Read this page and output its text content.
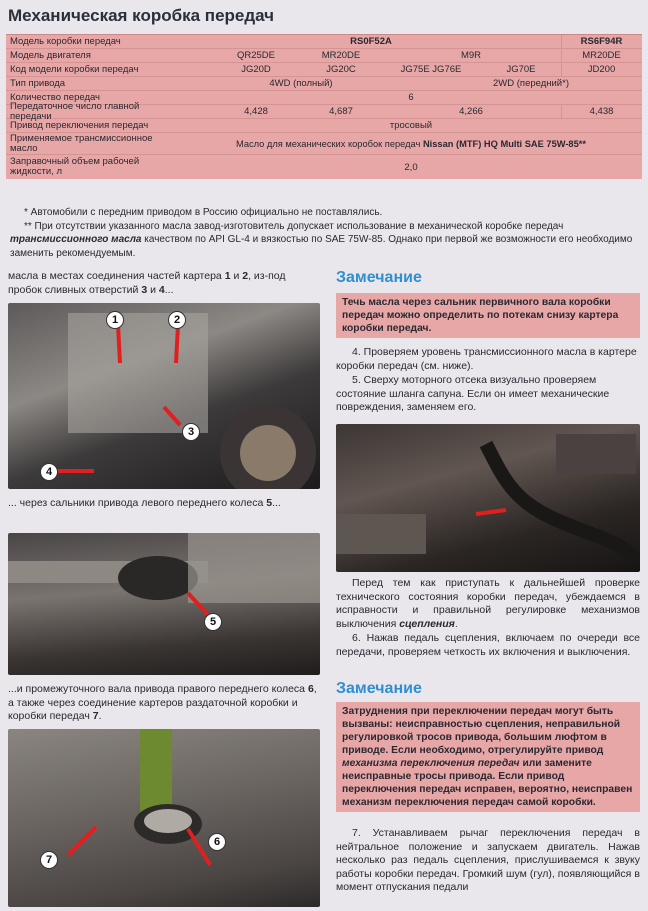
Механическая коробка передач
Модель коробки передач	RS0F52A	RS6F94R
Модель двигателя	QR25DE	MR20DE	M9R	MR20DE
Код модели коробки передач	JG20D	JG20C	JG75E JG76E	JG70E	JD200
Тип привода	4WD (полный)	2WD (передний*)
Количество передач	6
Передаточное число главной передачи	4,428	4,687	4,266	4,438
Привод переключения передач	тросовый
Применяемое трансмиссионное масло	Масло для механических коробок передач
Nissan (MTF) HQ Multi SAE 75W-85**
Заправочный объем рабочей жидкости, л	2,0

* Автомобили с передним приводом в Россию официально не поставлялись.

** При отсутствии указанного масла завод-изготовитель допускает использование в механической коробке передач трансмиссионного масла качеством по API GL-4 и вязкостью по SAE 75W-85. Однако при первой же возможности его необходимо заменить рекомендуемым.

масла в местах соединения частей картера 1 и 2, из-под пробок сливных отверстий 3 и 4...
1	2
3
4
... через сальники привода левого переднего колеса 5...
5
...и промежуточного вала привода правого переднего колеса 6, а также через соединение картеров раздаточной коробки и коробки передач 7.
6
7
Замечание
Течь масла через сальник первичного вала коробки передач можно определить по потекам снизу картера коробки передач.
4. Проверяем уровень трансмиссионного масла в картере коробки передач (см. ниже).
5. Сверху моторного отсека визуально проверяем состояние шланга сапуна. Если он имеет механические повреждения, заменяем его.
Перед тем как приступать к дальнейшей проверке технического состояния коробки передач, убеждаемся в исправности и правильной регулировке механизмов выключения сцепления.
6. Нажав педаль сцепления, включаем по очереди все передачи, проверяем четкость их включения и выключения.
Замечание
Затруднения при переключении передач могут быть вызваны: неисправностью сцепления, неправильной регулировкой тросов привода, большим люфтом в приводе. Если необходимо, отрегулируйте привод механизма переключения передач или замените неисправные тросы привода. Если привод переключения передач исправен, вероятно, неисправен механизм переключения передач самой коробки.
7. Устанавливаем рычаг переключения передач в нейтральное положение и запускаем двигатель. Нажав несколько раз педаль сцепления, прислушиваемся к звуку работы коробки передач. Громкий шум (гул), появляющийся в момент отпускания педали
